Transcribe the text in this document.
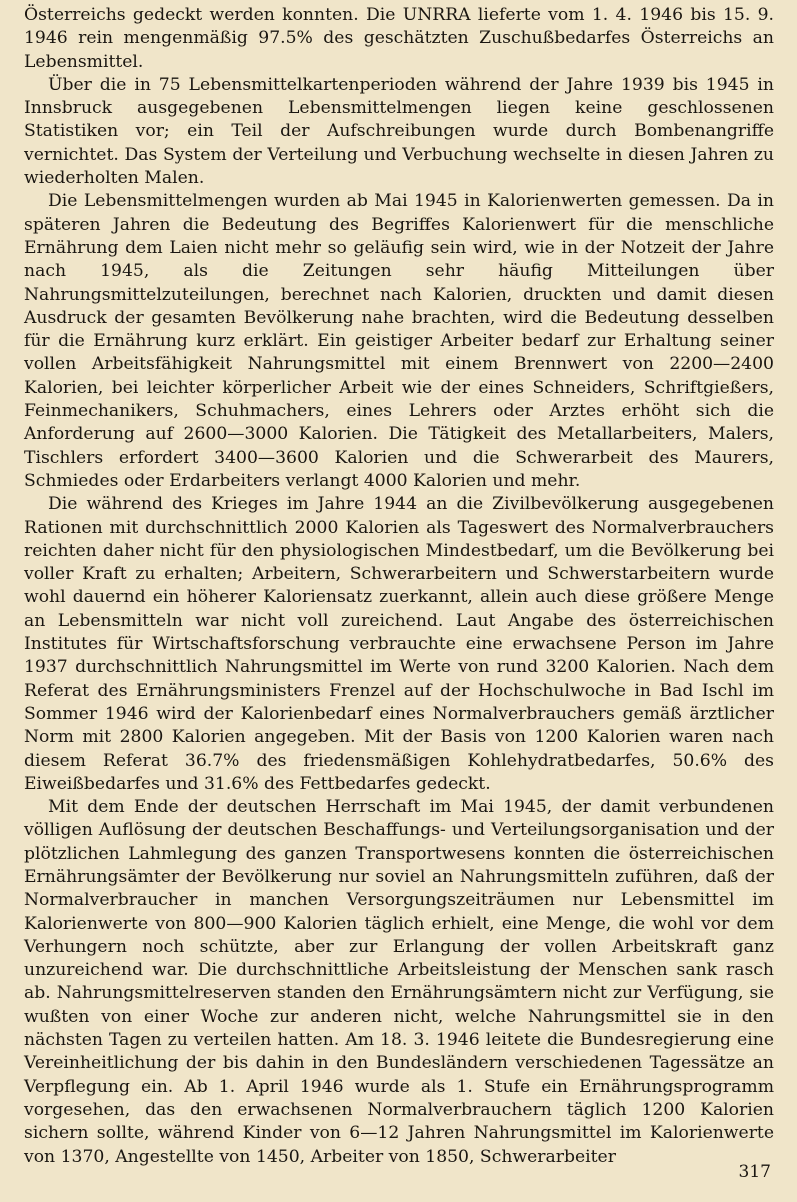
Österreichs gedeckt werden konnten. Die UNRRA lieferte vom 1. 4. 1946 bis 15. 9. 1946 rein mengenmäßig 97.5% des geschätzten Zuschußbedarfes Österreichs an Lebensmittel.

Über die in 75 Lebensmittelkartenperioden während der Jahre 1939 bis 1945 in Innsbruck ausgegebenen Lebensmittelmengen liegen keine geschlossenen Statistiken vor; ein Teil der Aufschreibungen wurde durch Bombenangriffe vernichtet. Das System der Verteilung und Verbuchung wechselte in diesen Jahren zu wiederholten Malen.

Die Lebensmittelmengen wurden ab Mai 1945 in Kalorienwerten gemessen. Da in späteren Jahren die Bedeutung des Begriffes Kalorienwert für die menschliche Ernährung dem Laien nicht mehr so geläufig sein wird, wie in der Notzeit der Jahre nach 1945, als die Zeitungen sehr häufig Mitteilungen über Nahrungsmittelzuteilungen, berechnet nach Kalorien, druckten und damit diesen Ausdruck der gesamten Bevölkerung nahe brachten, wird die Bedeutung desselben für die Ernährung kurz erklärt. Ein geistiger Arbeiter bedarf zur Erhaltung seiner vollen Arbeitsfähigkeit Nahrungsmittel mit einem Brennwert von 2200—2400 Kalorien, bei leichter körperlicher Arbeit wie der eines Schneiders, Schriftgießers, Feinmechanikers, Schuhmachers, eines Lehrers oder Arztes erhöht sich die Anforderung auf 2600—3000 Kalorien. Die Tätigkeit des Metallarbeiters, Malers, Tischlers erfordert 3400—3600 Kalorien und die Schwerarbeit des Maurers, Schmiedes oder Erdarbeiters verlangt 4000 Kalorien und mehr.

Die während des Krieges im Jahre 1944 an die Zivilbevölkerung ausgegebenen Rationen mit durchschnittlich 2000 Kalorien als Tageswert des Normalverbrauchers reichten daher nicht für den physiologischen Mindestbedarf, um die Bevölkerung bei voller Kraft zu erhalten; Arbeitern, Schwerarbeitern und Schwerstarbeitern wurde wohl dauernd ein höherer Kaloriensatz zuerkannt, allein auch diese größere Menge an Lebensmitteln war nicht voll zureichend. Laut Angabe des österreichischen Institutes für Wirtschaftsforschung verbrauchte eine erwachsene Person im Jahre 1937 durchschnittlich Nahrungsmittel im Werte von rund 3200 Kalorien. Nach dem Referat des Ernährungsministers Frenzel auf der Hochschulwoche in Bad Ischl im Sommer 1946 wird der Kalorienbedarf eines Normalverbrauchers gemäß ärztlicher Norm mit 2800 Kalorien angegeben. Mit der Basis von 1200 Kalorien waren nach diesem Referat 36.7% des friedensmäßigen Kohlehydratbedarfes, 50.6% des Eiweißbedarfes und 31.6% des Fettbedarfes gedeckt.

Mit dem Ende der deutschen Herrschaft im Mai 1945, der damit verbundenen völligen Auflösung der deutschen Beschaffungs- und Verteilungsorganisation und der plötzlichen Lahmlegung des ganzen Transportwesens konnten die österreichischen Ernährungsämter der Bevölkerung nur soviel an Nahrungsmitteln zuführen, daß der Normalverbraucher in manchen Versorgungszeiträumen nur Lebensmittel im Kalorienwerte von 800—900 Kalorien täglich erhielt, eine Menge, die wohl vor dem Verhungern noch schützte, aber zur Erlangung der vollen Arbeitskraft ganz unzureichend war. Die durchschnittliche Arbeitsleistung der Menschen sank rasch ab. Nahrungsmittelreserven standen den Ernährungsämtern nicht zur Verfügung, sie wußten von einer Woche zur anderen nicht, welche Nahrungsmittel sie in den nächsten Tagen zu verteilen hatten. Am 18. 3. 1946 leitete die Bundesregierung eine Vereinheitlichung der bis dahin in den Bundesländern verschiedenen Tagessätze an Verpflegung ein. Ab 1. April 1946 wurde als 1. Stufe ein Ernährungsprogramm vorgesehen, das den erwachsenen Normalverbrauchern täglich 1200 Kalorien sichern sollte, während Kinder von 6—12 Jahren Nahrungsmittel im Kalorienwerte von 1370, Angestellte von 1450, Arbeiter von 1850, Schwerarbeiter

317
